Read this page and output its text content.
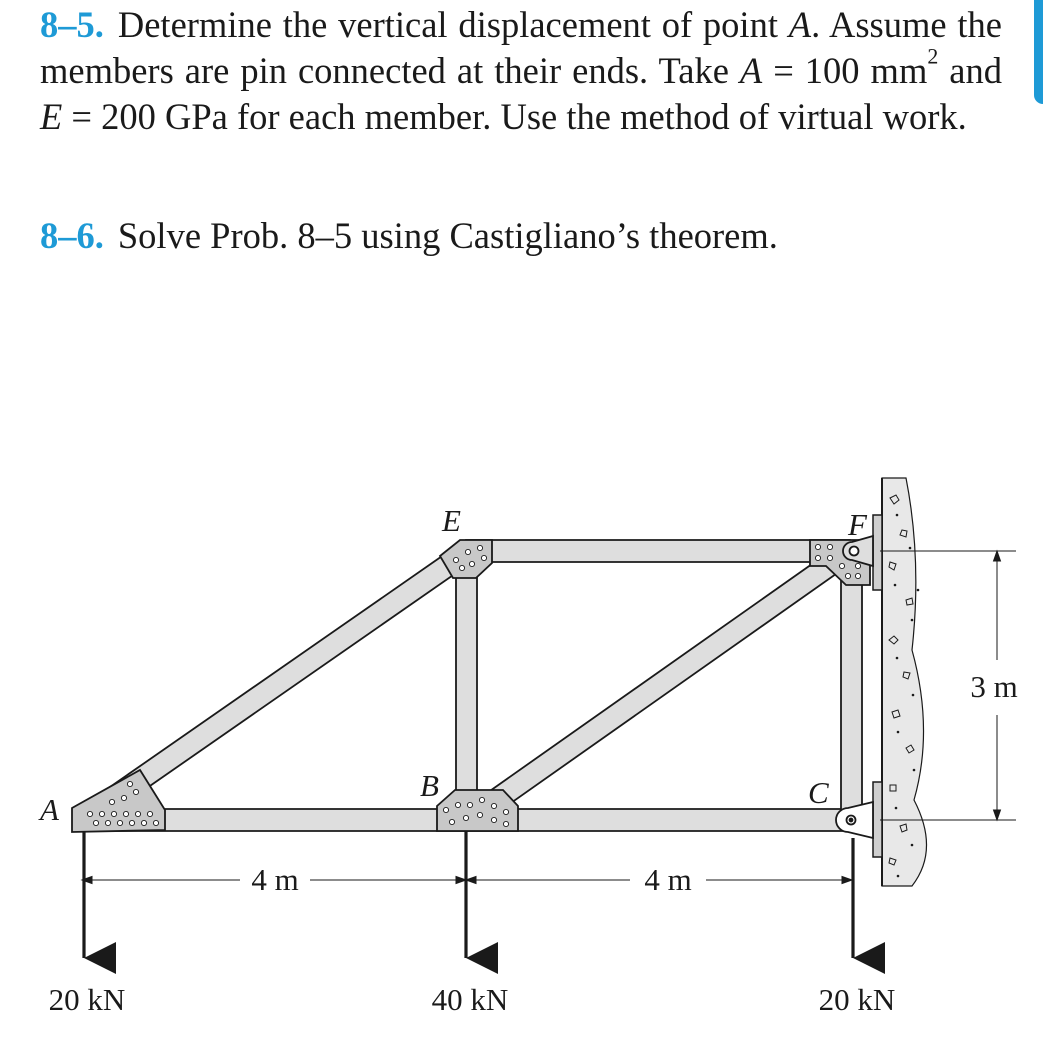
8–5. Determine the vertical displacement of point A. Assume the members are pin connected at their ends. Take A = 100 $mm^2$ and E = 200 GPa for each member. Use the method of virtual work.
8–6. Solve Prob. 8–5 using Castigliano’s theorem.
A
B	C
E	F
4 m	4 m
3 m
20 kN	40 kN	20 kN
